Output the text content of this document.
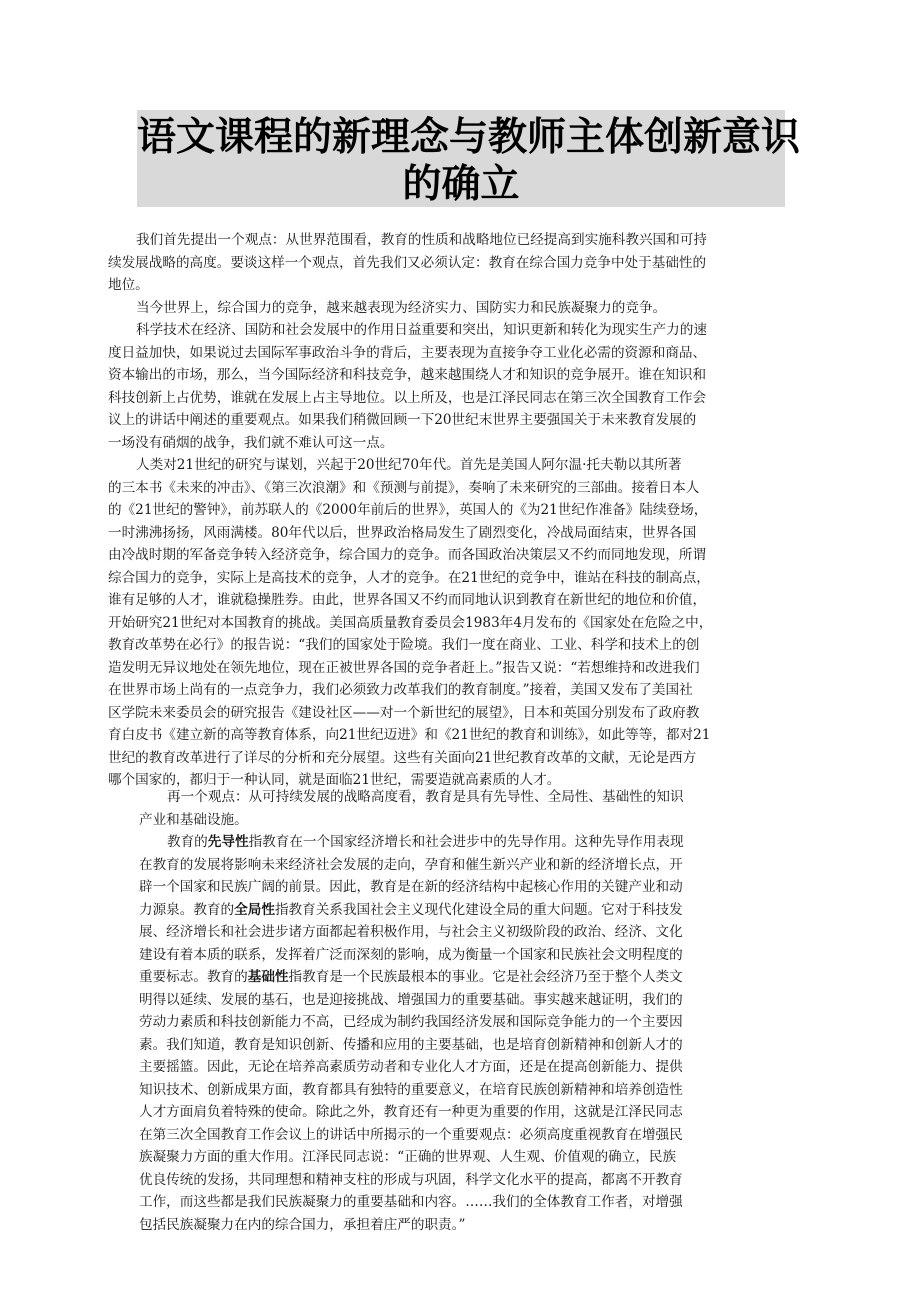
语文课程的新理念与教师主体创新意识
的确立
我们首先提出一个观点：从世界范围看，教育的性质和战略地位已经提高到实施科教兴国和可持
续发展战略的高度。要谈这样一个观点，首先我们又必须认定：教育在综合国力竞争中处于基础性的
地位。
当今世界上，综合国力的竞争，越来越表现为经济实力、国防实力和民族凝聚力的竞争。
科学技术在经济、国防和社会发展中的作用日益重要和突出，知识更新和转化为现实生产力的速
度日益加快，如果说过去国际军事政治斗争的背后，主要表现为直接争夺工业化必需的资源和商品、
资本输出的市场，那么，当今国际经济和科技竞争，越来越围绕人才和知识的竞争展开。谁在知识和
科技创新上占优势，谁就在发展上占主导地位。以上所及，也是江泽民同志在第三次全国教育工作会
议上的讲话中阐述的重要观点。如果我们稍微回顾一下20世纪末世界主要强国关于未来教育发展的
一场没有硝烟的战争，我们就不难认可这一点。
人类对21世纪的研究与谋划，兴起于20世纪70年代。首先是美国人阿尔温·托夫勒以其所著
的三本书《未来的冲击》、《第三次浪潮》和《预测与前提》，奏响了未来研究的三部曲。接着日本人
的《21世纪的警钟》，前苏联人的《2000年前后的世界》，英国人的《为21世纪作准备》陆续登场，
一时沸沸扬扬，风雨满楼。80年代以后，世界政治格局发生了剧烈变化，冷战局面结束，世界各国
由冷战时期的军备竞争转入经济竞争，综合国力的竞争。而各国政治决策层又不约而同地发现，所谓
综合国力的竞争，实际上是高技术的竞争，人才的竞争。在21世纪的竞争中，谁站在科技的制高点，
谁有足够的人才，谁就稳操胜券。由此，世界各国又不约而同地认识到教育在新世纪的地位和价值，
开始研究21世纪对本国教育的挑战。美国高质量教育委员会1983年4月发布的《国家处在危险之中，
教育改革势在必行》的报告说：“我们的国家处于险境。我们一度在商业、工业、科学和技术上的创
造发明无异议地处在领先地位，现在正被世界各国的竞争者赶上。”报告又说：“若想维持和改进我们
在世界市场上尚有的一点竞争力，我们必须致力改革我们的教育制度。”接着，美国又发布了美国社
区学院未来委员会的研究报告《建设社区——对一个新世纪的展望》，日本和英国分别发布了政府教
育白皮书《建立新的高等教育体系，向21世纪迈进》和《21世纪的教育和训练》，如此等等，都对21
世纪的教育改革进行了详尽的分析和充分展望。这些有关面向21世纪教育改革的文献，无论是西方
哪个国家的，都归于一种认同，就是面临21世纪，需要造就高素质的人才。
再一个观点：从可持续发展的战略高度看，教育是具有先导性、全局性、基础性的知识
产业和基础设施。
教育的先导性指教育在一个国家经济增长和社会进步中的先导作用。这种先导作用表现
在教育的发展将影响未来经济社会发展的走向，孕育和催生新兴产业和新的经济增长点，开
辟一个国家和民族广阔的前景。因此，教育是在新的经济结构中起核心作用的关键产业和动
力源泉。教育的全局性指教育关系我国社会主义现代化建设全局的重大问题。它对于科技发
展、经济增长和社会进步诸方面都起着积极作用，与社会主义初级阶段的政治、经济、文化
建设有着本质的联系，发挥着广泛而深刻的影响，成为衡量一个国家和民族社会文明程度的
重要标志。教育的基础性指教育是一个民族最根本的事业。它是社会经济乃至于整个人类文
明得以延续、发展的基石，也是迎接挑战、增强国力的重要基础。事实越来越证明，我们的
劳动力素质和科技创新能力不高，已经成为制约我国经济发展和国际竞争能力的一个主要因
素。我们知道，教育是知识创新、传播和应用的主要基础，也是培育创新精神和创新人才的
主要摇篮。因此，无论在培养高素质劳动者和专业化人才方面，还是在提高创新能力、提供
知识技术、创新成果方面，教育都具有独特的重要意义，在培育民族创新精神和培养创造性
人才方面肩负着特殊的使命。除此之外，教育还有一种更为重要的作用，这就是江泽民同志
在第三次全国教育工作会议上的讲话中所揭示的一个重要观点：必须高度重视教育在增强民
族凝聚力方面的重大作用。江泽民同志说：“正确的世界观、人生观、价值观的确立，民族
优良传统的发扬，共同理想和精神支柱的形成与巩固，科学文化水平的提高，都离不开教育
工作，而这些都是我们民族凝聚力的重要基础和内容。……我们的全体教育工作者，对增强
包括民族凝聚力在内的综合国力，承担着庄严的职责。”
